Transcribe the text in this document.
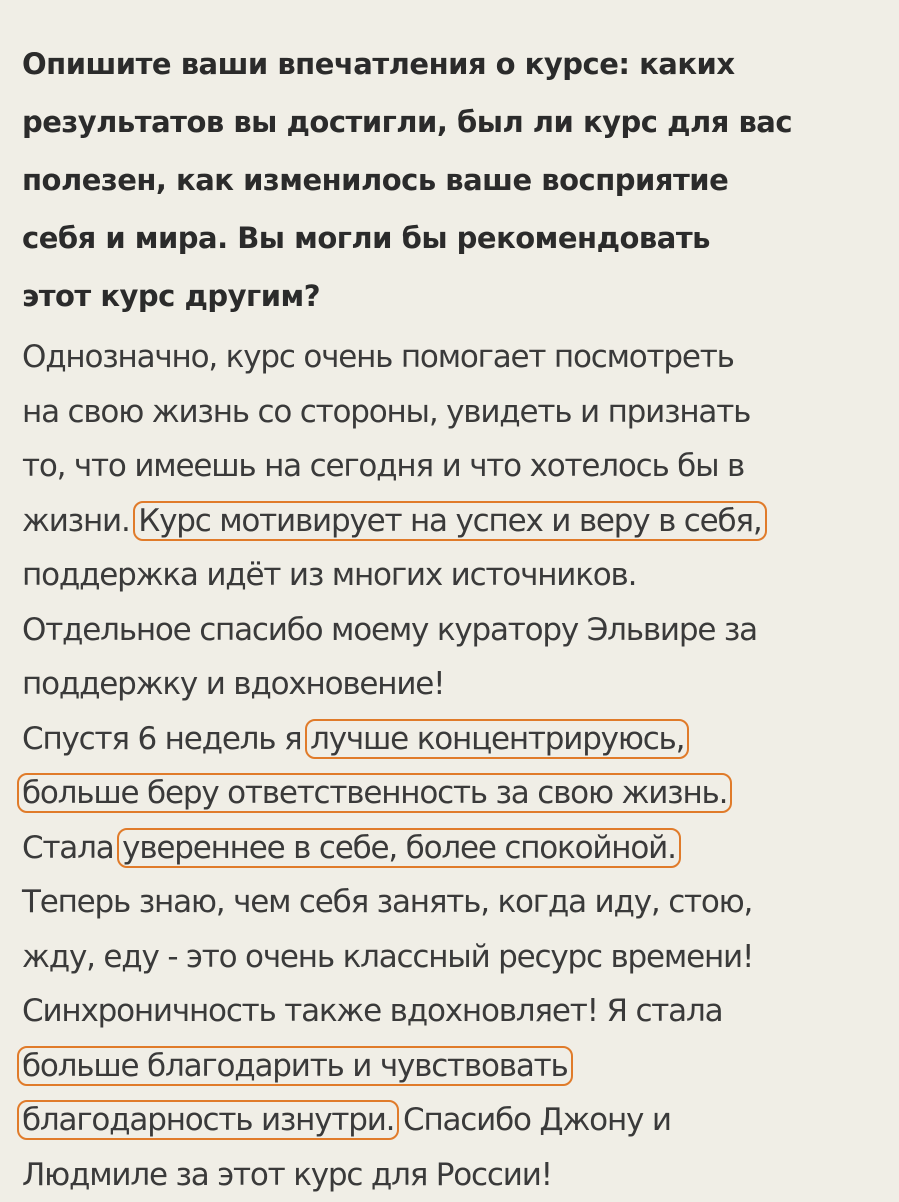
Опишите ваши впечатления о курсе: каких
результатов вы достигли, был ли курс для вас
полезен, как изменилось ваше восприятие
себя и мира. Вы могли бы рекомендовать
этот курс другим?
Однозначно, курс очень помогает посмотреть
на свою жизнь со стороны, увидеть и признать
то, что имеешь на сегодня и что хотелось бы в
жизни. Курс мотивирует на успех и веру в себя,
поддержка идёт из многих источников.
Отдельное спасибо моему куратору Эльвире за
поддержку и вдохновение!
Спустя 6 недель я лучше концентрируюсь,
больше беру ответственность за свою жизнь.
Стала увереннее в себе, более спокойной.
Теперь знаю, чем себя занять, когда иду, стою,
жду, еду - это очень классный ресурс времени!
Синхроничность также вдохновляет! Я стала
больше благодарить и чувствовать
благодарность изнутри. Спасибо Джону и
Людмиле за этот курс для России!
